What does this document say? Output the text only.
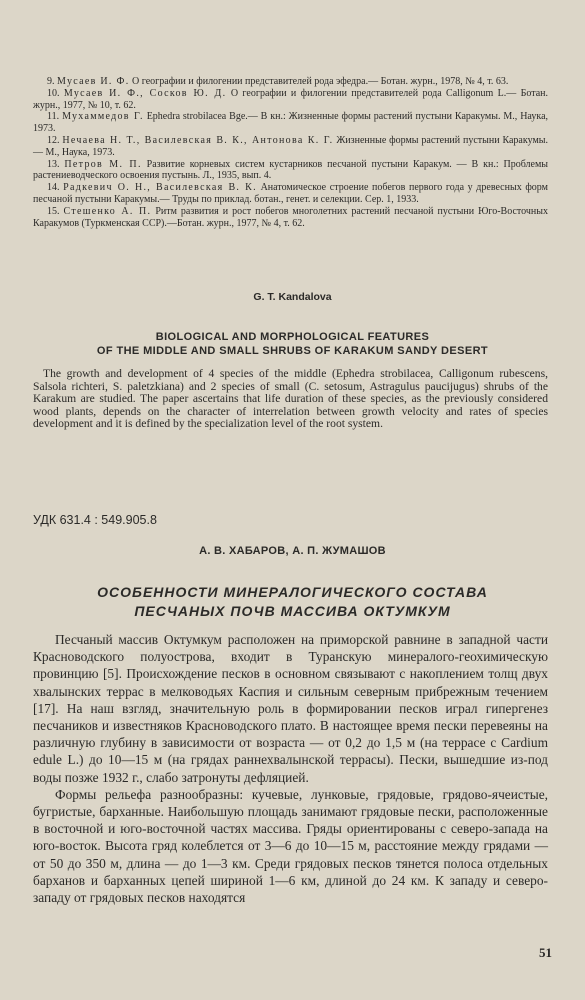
9. Мусаев И. Ф. О географии и филогении представителей рода эфедра.— Ботан. журн., 1978, № 4, т. 63.

10. Мусаев И. Ф., Сосков Ю. Д. О географии и филогении представителей рода Calligonum L.— Ботан. журн., 1977, № 10, т. 62.

11. Мухаммедов Г. Ephedra strobilacea Bge.— В кн.: Жизненные формы растений пустыни Каракумы. М., Наука, 1973.

12. Нечаева Н. Т., Василевская В. К., Антонова К. Г. Жизненные формы растений пустыни Каракумы.— М., Наука, 1973.

13. Петров М. П. Развитие корневых систем кустарников песчаной пустыни Каракум. — В кн.: Проблемы растениеводческого освоения пустынь. Л., 1935, вып. 4.

14. Радкевич О. Н., Василевская В. К. Анатомическое строение побегов первого года у древесных форм песчаной пустыни Каракумы.— Труды по приклад. ботан., генет. и селекции. Сер. 1, 1933.

15. Стешенко А. П. Ритм развития и рост побегов многолетних растений песчаной пустыни Юго-Восточных Каракумов (Туркменская ССР).—Ботан. журн., 1977, № 4, т. 62.

G. T. Kandalova
BIOLOGICAL AND MORPHOLOGICAL FEATURES
OF THE MIDDLE AND SMALL SHRUBS OF KARAKUM SANDY DESERT

The growth and development of 4 species of the middle (Ephedra strobilacea, Calligonum rubescens, Salsola richteri, S. paletzkiana) and 2 species of small (C. setosum, Astragulus paucijugus) shrubs of the Karakum are studied. The paper ascertains that life duration of these species, as the previously considered wood plants, depends on the character of interrelation between growth velocity and rates of species development and it is defined by the specialization level of the root system.

УДК 631.4 : 549.905.8
А. В. ХАБАРОВ, А. П. ЖУМАШОВ
ОСОБЕННОСТИ МИНЕРАЛОГИЧЕСКОГО СОСТАВА
ПЕСЧАНЫХ ПОЧВ МАССИВА ОКТУМКУМ

Песчаный массив Октумкум расположен на приморской равнине в западной части Красноводского полуострова, входит в Туранскую минералого-геохимическую провинцию [5]. Происхождение песков в основном связывают с накоплением толщ двух хвалынских террас в мелководьях Каспия и сильным северным прибрежным течением [17]. На наш взгляд, значительную роль в формировании песков играл гипергенез песчаников и известняков Красноводского плато. В настоящее время пески перевеяны на различную глубину в зависимости от возраста — от 0,2 до 1,5 м (на террасе с Cardium edule L.) до 10—15 м (на грядах раннехвалынской террасы). Пески, вышедшие из-под воды позже 1932 г., слабо затронуты дефляцией.

Формы рельефа разнообразны: кучевые, лунковые, грядовые, грядово-ячеистые, бугристые, барханные. Наибольшую площадь занимают грядовые пески, расположенные в восточной и юго-восточной частях массива. Гряды ориентированы с северо-запада на юго-восток. Высота гряд колеблется от 3—6 до 10—15 м, расстояние между грядами — от 50 до 350 м, длина — до 1—3 км. Среди грядовых песков тянется полоса отдельных барханов и барханных цепей шириной 1—6 км, длиной до 24 км. К западу и северо-западу от грядовых песков находятся

51
